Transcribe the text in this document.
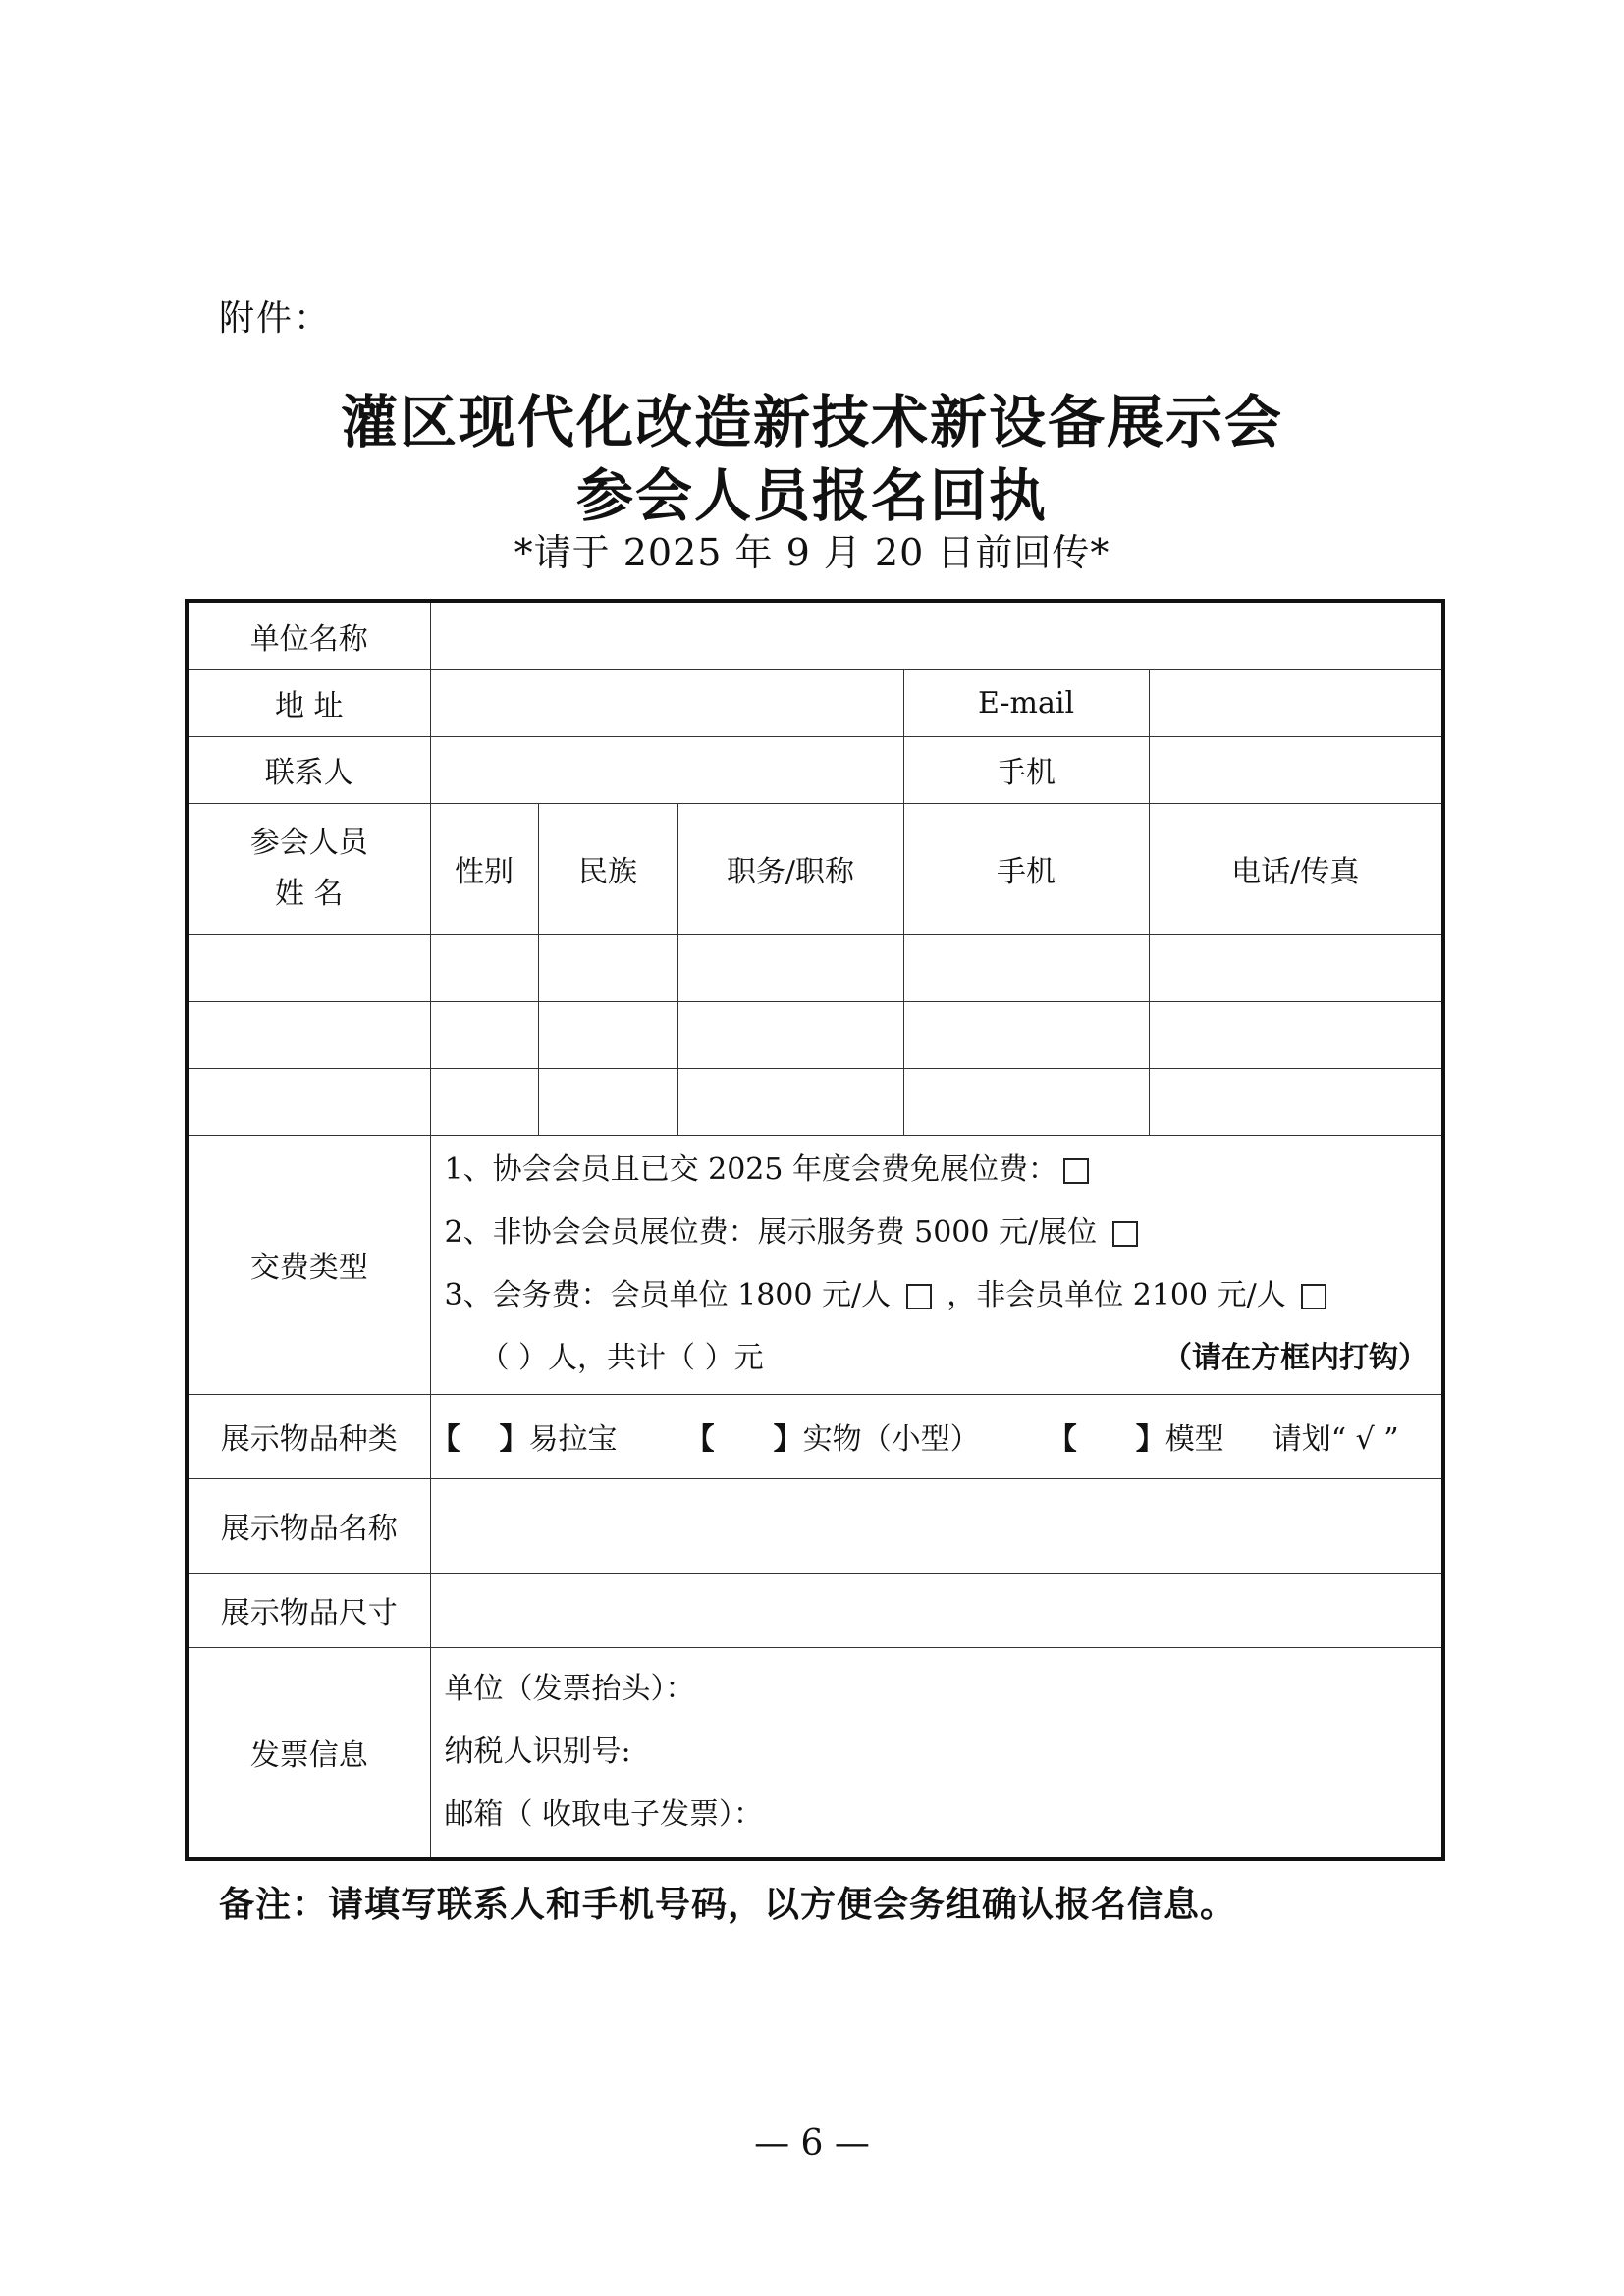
附件：
灌区现代化改造新技术新设备展示会
参会人员报名回执
*请于 2025 年 9 月 20 日前回传*
单位名称					
地 址				E-mail	
联系人				手机	

参会人员
姓 名	性别	民族	职务/职称	手机	电话/传真

交费类型	1、协会会员且已交 2025 年度会费免展位费：
2、非协会会员展位费：展示服务费 5000 元/展位
3、会务费：会员单位 1800 元/人 ，非会员单位 2100 元/人
（ ）人，共计（ ）元 （请在方框内打钩）				

展示物品种类	【 】易拉宝 【 】实物（小型） 【 】模型 请划“ √ ”				
展示物品名称					
展示物品尺寸					
发票信息	单位（发票抬头）：
纳税人识别号:
邮箱（ 收取电子发票）：				
备注：请填写联系人和手机号码，以方便会务组确认报名信息。
— 6 —
